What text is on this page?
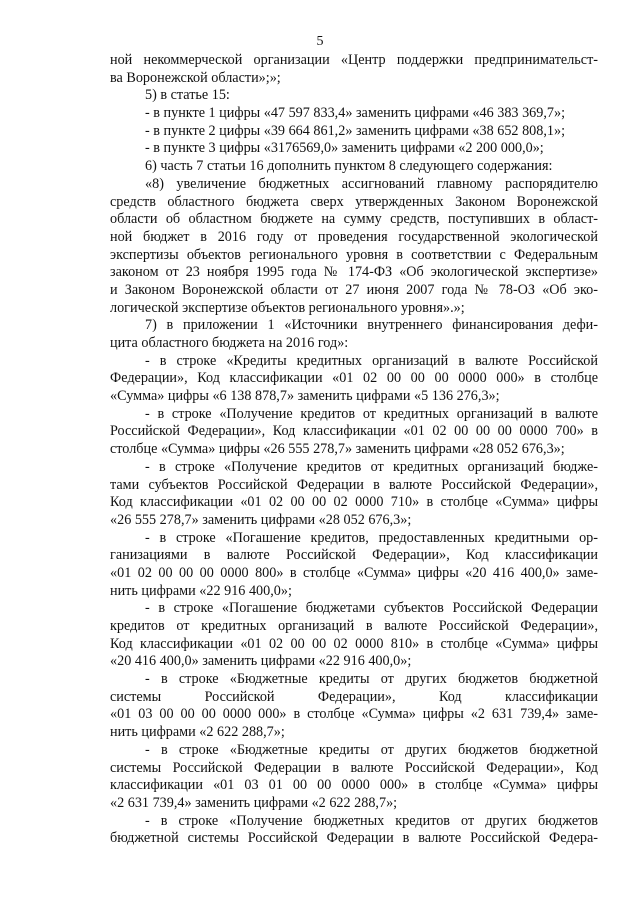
5
ной некоммерческой организации «Центр поддержки предпринимательст-
ва Воронежской области»;»;
5) в статье 15:
- в пункте 1 цифры «47 597 833,4» заменить цифрами «46 383 369,7»;
- в пункте 2 цифры «39 664 861,2» заменить цифрами «38 652 808,1»;
- в пункте 3 цифры «3176569,0» заменить цифрами «2 200 000,0»;
6) часть 7 статьи 16 дополнить пунктом 8 следующего содержания:
«8) увеличение бюджетных ассигнований главному распорядителю
средств областного бюджета сверх утвержденных Законом Воронежской
области об областном бюджете на сумму средств, поступивших в област-
ной бюджет в 2016 году от проведения государственной экологической
экспертизы объектов регионального уровня в соответствии с Федеральным
законом от 23 ноября 1995 года № 174-ФЗ «Об экологической экспертизе»
и Законом Воронежской области от 27 июня 2007 года № 78-ОЗ «Об эко-
логической экспертизе объектов регионального уровня».»;
7) в приложении 1 «Источники внутреннего финансирования дефи-
цита областного бюджета на 2016 год»:
- в строке «Кредиты кредитных организаций в валюте Российской
Федерации», Код классификации «01 02 00 00 00 0000 000» в столбце
«Сумма» цифры «6 138 878,7» заменить цифрами «5 136 276,3»;
- в строке «Получение кредитов от кредитных организаций в валюте
Российской Федерации», Код классификации «01 02 00 00 00 0000 700» в
столбце «Сумма» цифры «26 555 278,7» заменить цифрами «28 052 676,3»;
- в строке «Получение кредитов от кредитных организаций бюдже-
тами субъектов Российской Федерации в валюте Российской Федерации»,
Код классификации «01 02 00 00 02 0000 710» в столбце «Сумма» цифры
«26 555 278,7» заменить цифрами «28 052 676,3»;
- в строке «Погашение кредитов, предоставленных кредитными ор-
ганизациями в валюте Российской Федерации», Код классификации
«01 02 00 00 00 0000 800» в столбце «Сумма» цифры «20 416 400,0» заме-
нить цифрами «22 916 400,0»;
- в строке «Погашение бюджетами субъектов Российской Федерации
кредитов от кредитных организаций в валюте Российской Федерации»,
Код классификации «01 02 00 00 02 0000 810» в столбце «Сумма» цифры
«20 416 400,0» заменить цифрами «22 916 400,0»;
- в строке «Бюджетные кредиты от других бюджетов бюджетной
системы Российской Федерации», Код классификации
«01 03 00 00 00 0000 000» в столбце «Сумма» цифры «2 631 739,4» заме-
нить цифрами «2 622 288,7»;
- в строке «Бюджетные кредиты от других бюджетов бюджетной
системы Российской Федерации в валюте Российской Федерации», Код
классификации «01 03 01 00 00 0000 000» в столбце «Сумма» цифры
«2 631 739,4» заменить цифрами «2 622 288,7»;
- в строке «Получение бюджетных кредитов от других бюджетов
бюджетной системы Российской Федерации в валюте Российской Федера-
